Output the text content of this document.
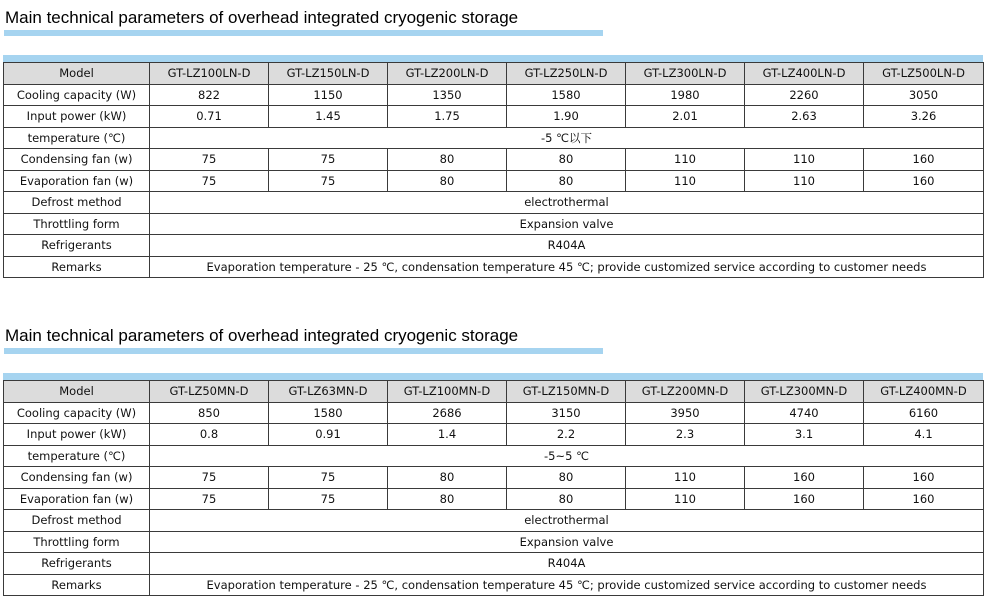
Main technical parameters of overhead integrated cryogenic storage
Model	GT-LZ100LN-D	GT-LZ150LN-D	GT-LZ200LN-D	GT-LZ250LN-D	GT-LZ300LN-D	GT-LZ400LN-D	GT-LZ500LN-D
Cooling capacity (W)	822	1150	1350	1580	1980	2260	3050
Input power (kW)	0.71	1.45	1.75	1.90	2.01	2.63	3.26
temperature (℃)	-5 ℃以下						
Condensing fan (w)	75	75	80	80	110	110	160
Evaporation fan (w)	75	75	80	80	110	110	160
Defrost method	electrothermal						
Throttling form	Expansion valve						
Refrigerants	R404A						
Remarks	Evaporation temperature - 25 ℃, condensation temperature 45 ℃; provide customized service according to customer needs						
Main technical parameters of overhead integrated cryogenic storage
Model	GT-LZ50MN-D	GT-LZ63MN-D	GT-LZ100MN-D	GT-LZ150MN-D	GT-LZ200MN-D	GT-LZ300MN-D	GT-LZ400MN-D
Cooling capacity (W)	850	1580	2686	3150	3950	4740	6160
Input power (kW)	0.8	0.91	1.4	2.2	2.3	3.1	4.1
temperature (℃)	-5~5 ℃						
Condensing fan (w)	75	75	80	80	110	160	160
Evaporation fan (w)	75	75	80	80	110	160	160
Defrost method	electrothermal						
Throttling form	Expansion valve						
Refrigerants	R404A						
Remarks	Evaporation temperature - 25 ℃, condensation temperature 45 ℃; provide customized service according to customer needs						
